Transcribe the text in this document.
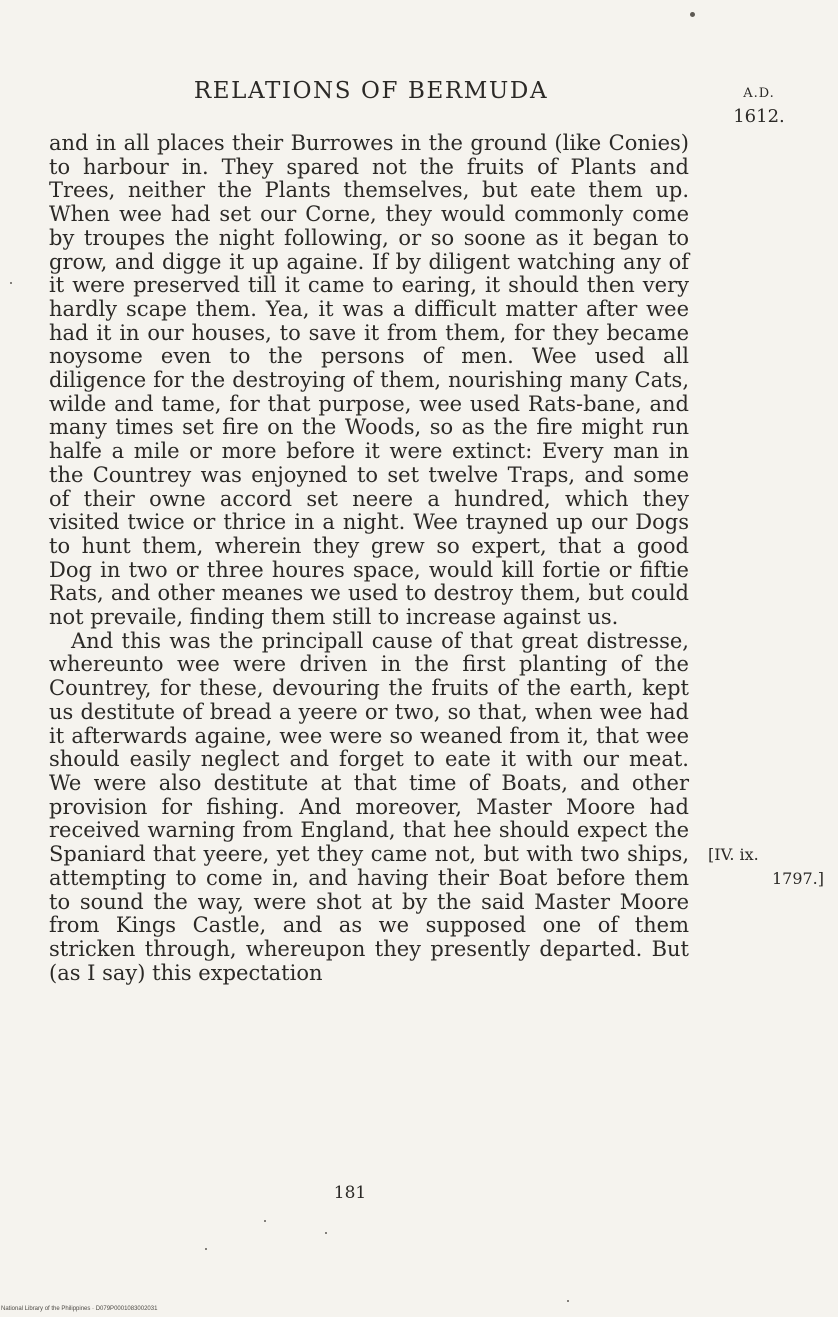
RELATIONS OF BERMUDA	A.D.
1612.

and in all places their Burrowes in the ground (like Conies) to harbour in. They spared not the fruits of Plants and Trees, neither the Plants themselves, but eate them up. When wee had set our Corne, they would commonly come by troupes the night following, or so soone as it began to grow, and digge it up againe. If by diligent watching any of it were preserved till it came to earing, it should then very hardly scape them. Yea, it was a difficult matter after wee had it in our houses, to save it from them, for they became noysome even to the persons of men. Wee used all diligence for the destroying of them, nourishing many Cats, wilde and tame, for that purpose, wee used Rats-bane, and many times set fire on the Woods, so as the fire might run halfe a mile or more before it were extinct: Every man in the Countrey was enjoyned to set twelve Traps, and some of their owne accord set neere a hundred, which they visited twice or thrice in a night. Wee trayned up our Dogs to hunt them, wherein they grew so expert, that a good Dog in two or three houres space, would kill fortie or fiftie Rats, and other meanes we used to destroy them, but could not prevaile, finding them still to increase against us.

And this was the principall cause of that great distresse, whereunto wee were driven in the first planting of the Countrey, for these, devouring the fruits of the earth, kept us destitute of bread a yeere or two, so that, when wee had it afterwards againe, wee were so weaned from it, that wee should easily neglect and forget to eate it with our meat. We were also destitute at that time of Boats, and other provision for fishing. And moreover, Master Moore had received warning from England, that hee should expect the Spaniard that yeere, yet they came not, but with two ships, attempting to come in, and having their Boat before them to sound the way, were shot at by the said Master Moore from Kings Castle, and as we supposed one of them stricken through, whereupon they presently departed. But (as I say) this expectation

[IV. ix.
1797.]
181
National Library of the Philippines · D079P0001083002031
